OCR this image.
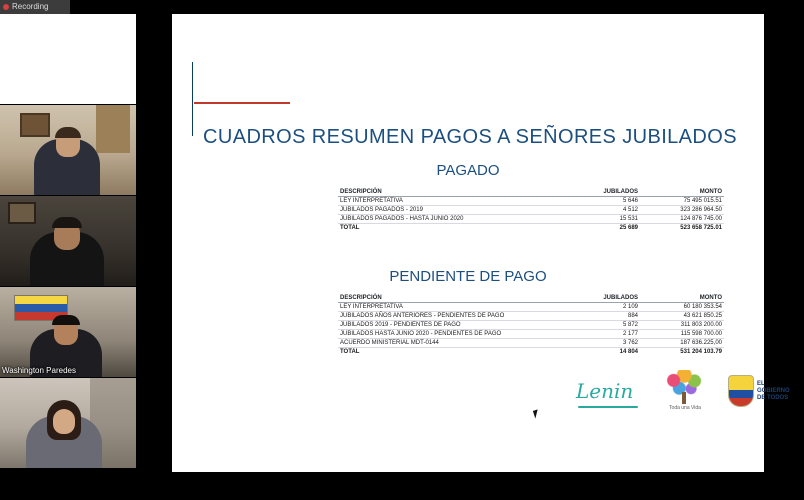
Recording
Washington Paredes
CUADROS RESUMEN PAGOS A SEÑORES JUBILADOS
PAGADO
DESCRIPCIÓN	JUBILADOS	MONTO
LEY INTERPRETATIVA	5 646	75 495 015.51
JUBILADOS PAGADOS - 2019	4 512	323 286 964.50
JUBILADOS PAGADOS - HASTA JUNIO 2020	15 531	124 876 745.00
TOTAL	25 689	523 658 725.01
PENDIENTE DE PAGO
DESCRIPCIÓN	JUBILADOS	MONTO
LEY INTERPRETATIVA	2 109	60 180 353.54
JUBILADOS AÑOS ANTERIORES - PENDIENTES DE PAGO	884	43 621 850.25
JUBILADOS 2019 - PENDIENTES DE PAGO	5 872	311 803 200.00
JUBILADOS HASTA JUNIO 2020 - PENDIENTES DE PAGO	2 177	115 598 700.00
ACUERDO MINISTERIAL MDT-0144	3 762	187 636.225,00
TOTAL	14 804	531 204 103.79
Lenin
Toda una Vida
EL
GOBIERNO
DE TODOS
